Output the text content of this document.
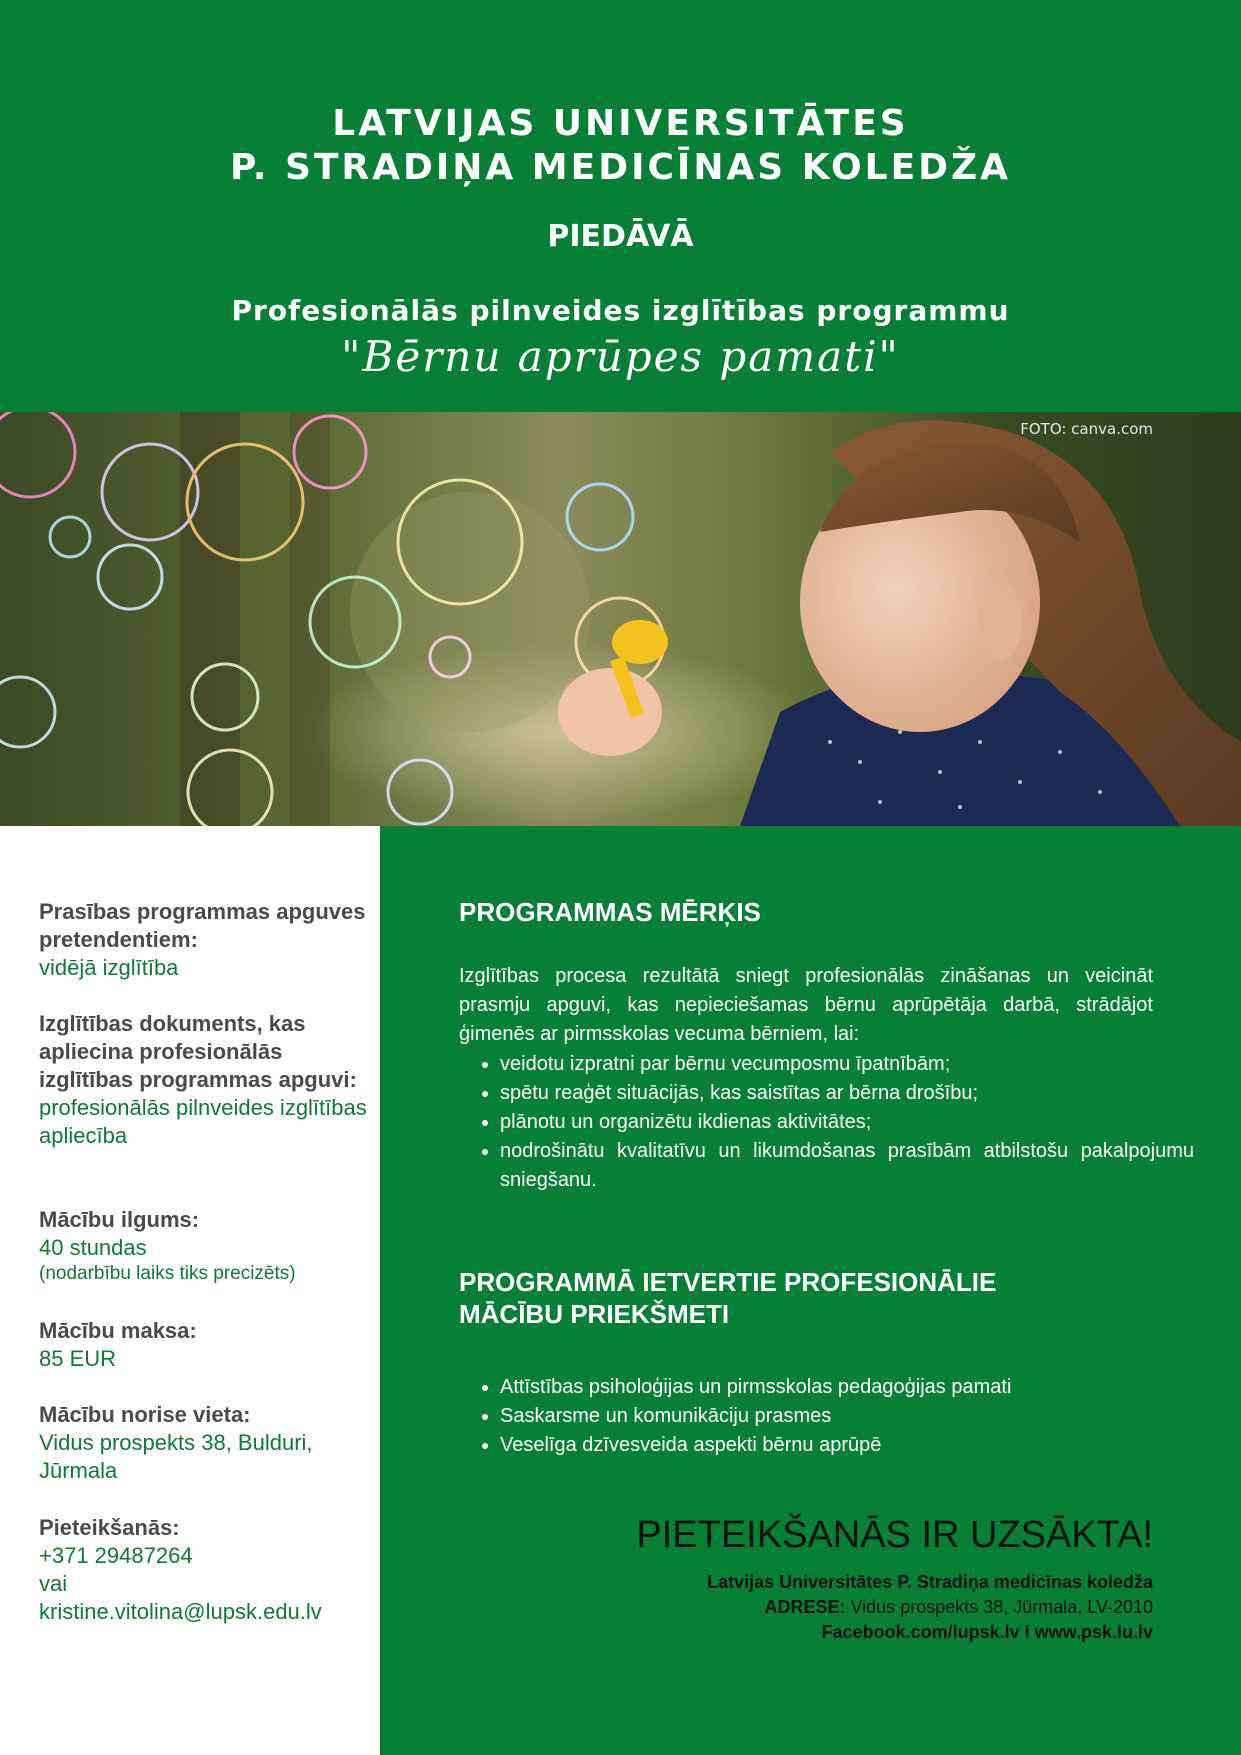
LATVIJAS UNIVERSITĀTES
P. STRADIŅA MEDICĪNAS KOLEDŽA
PIEDĀVĀ
Profesionālās pilnveides izglītības programmu
"Bērnu aprūpes pamati"
FOTO: canva.com
Prasības programmas apguves pretendentiem:
vidējā izglītība
Izglītības dokuments, kas apliecina profesionālās izglītības programmas apguvi:
profesionālās pilnveides izglītības apliecība
Mācību ilgums:
40 stundas
(nodarbību laiks tiks precizēts)
Mācību maksa:
85 EUR
Mācību norise vieta:
Vidus prospekts 38, Bulduri, Jūrmala
Pieteikšanās:
+371 29487264
vai
kristine.vitolina@lupsk.edu.lv
PROGRAMMAS MĒRĶIS
Izglītības procesa rezultātā sniegt profesionālās zināšanas un veicināt prasmju apguvi, kas nepieciešamas bērnu aprūpētāja darbā, strādājot ģimenēs ar pirmsskolas vecuma bērniem, lai:
• veidotu izpratni par bērnu vecumposmu īpatnībām;
• spētu reaģēt situācijās, kas saistītas ar bērna drošību;
• plānotu un organizētu ikdienas aktivitātes;
• nodrošinātu kvalitatīvu un likumdošanas prasībām atbilstošu pakalpojumu sniegšanu.
PROGRAMMĀ IETVERTIE PROFESIONĀLIE
MĀCĪBU PRIEKŠMETI
• Attīstības psiholoģijas un pirmsskolas pedagoģijas pamati
• Saskarsme un komunikāciju prasmes
• Veselīga dzīvesveida aspekti bērnu aprūpē
PIETEIKŠANĀS IR UZSĀKTA!
Latvijas Universitātes P. Stradiņa medicīnas koledža
ADRESE: Vidus prospekts 38, Jūrmala, LV-2010
Facebook.com/lupsk.lv I www.psk.lu.lv
